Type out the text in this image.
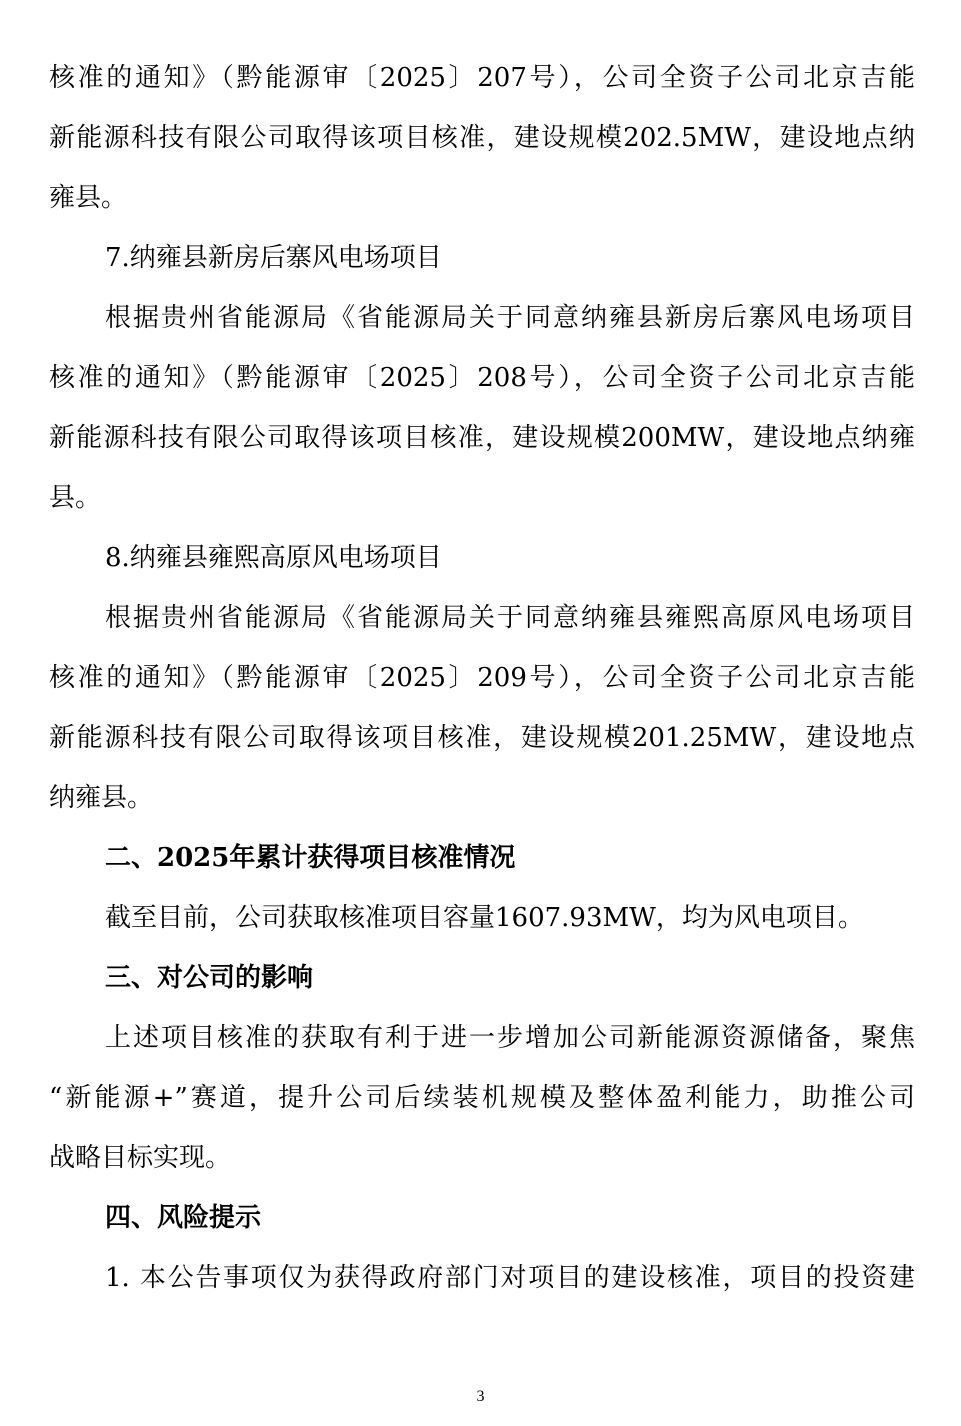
核准的通知》（黔能源审〔2025〕207号），公司全资子公司北京吉能
新能源科技有限公司取得该项目核准，建设规模202.5MW，建设地点纳
雍县。
7.纳雍县新房后寨风电场项目
根据贵州省能源局《省能源局关于同意纳雍县新房后寨风电场项目
核准的通知》（黔能源审〔2025〕208号），公司全资子公司北京吉能
新能源科技有限公司取得该项目核准，建设规模200MW，建设地点纳雍
县。
8.纳雍县雍熙高原风电场项目
根据贵州省能源局《省能源局关于同意纳雍县雍熙高原风电场项目
核准的通知》（黔能源审〔2025〕209号），公司全资子公司北京吉能
新能源科技有限公司取得该项目核准，建设规模201.25MW，建设地点
纳雍县。
二、2025年累计获得项目核准情况
截至目前，公司获取核准项目容量1607.93MW，均为风电项目。
三、对公司的影响
上述项目核准的获取有利于进一步增加公司新能源资源储备，聚焦
“新能源+”赛道，提升公司后续装机规模及整体盈利能力，助推公司
战略目标实现。
四、风险提示
1. 本公告事项仅为获得政府部门对项目的建设核准，项目的投资建
3
